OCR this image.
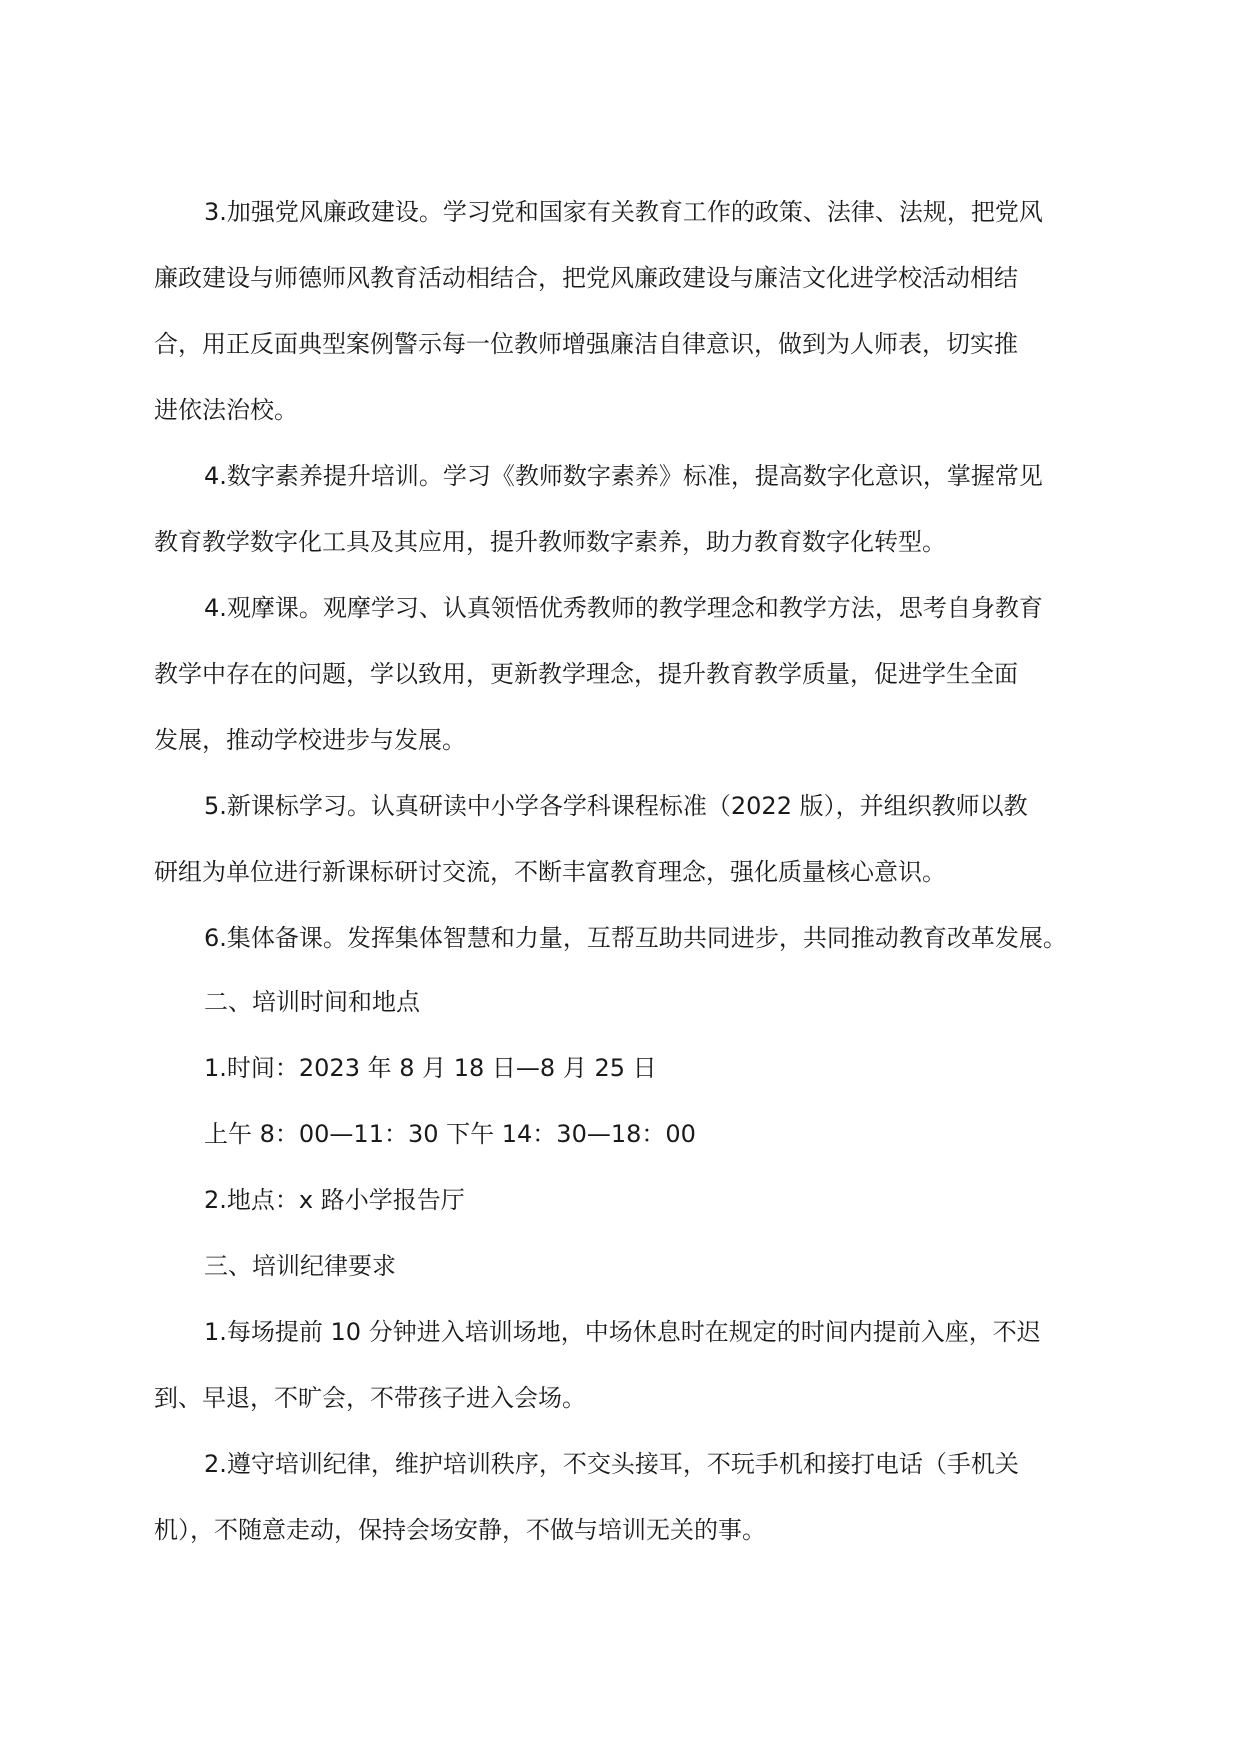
3.加强党风廉政建设。学习党和国家有关教育工作的政策、法律、法规，把党风
廉政建设与师德师风教育活动相结合，把党风廉政建设与廉洁文化进学校活动相结
合，用正反面典型案例警示每一位教师增强廉洁自律意识，做到为人师表，切实推
进依法治校。
4.数字素养提升培训。学习《教师数字素养》标准，提高数字化意识，掌握常见
教育教学数字化工具及其应用，提升教师数字素养，助力教育数字化转型。
4.观摩课。观摩学习、认真领悟优秀教师的教学理念和教学方法，思考自身教育
教学中存在的问题，学以致用，更新教学理念，提升教育教学质量，促进学生全面
发展，推动学校进步与发展。
5.新课标学习。认真研读中小学各学科课程标准（2022 版），并组织教师以教
研组为单位进行新课标研讨交流，不断丰富教育理念，强化质量核心意识。
6.集体备课。发挥集体智慧和力量，互帮互助共同进步，共同推动教育改革发展。
二、培训时间和地点
1.时间：2023 年 8 月 18 日—8 月 25 日
上午 8：00—11：30 下午 14：30—18：00
2.地点：x 路小学报告厅
三、培训纪律要求
1.每场提前 10 分钟进入培训场地，中场休息时在规定的时间内提前入座，不迟
到、早退，不旷会，不带孩子进入会场。
2.遵守培训纪律，维护培训秩序，不交头接耳，不玩手机和接打电话（手机关
机），不随意走动，保持会场安静，不做与培训无关的事。
